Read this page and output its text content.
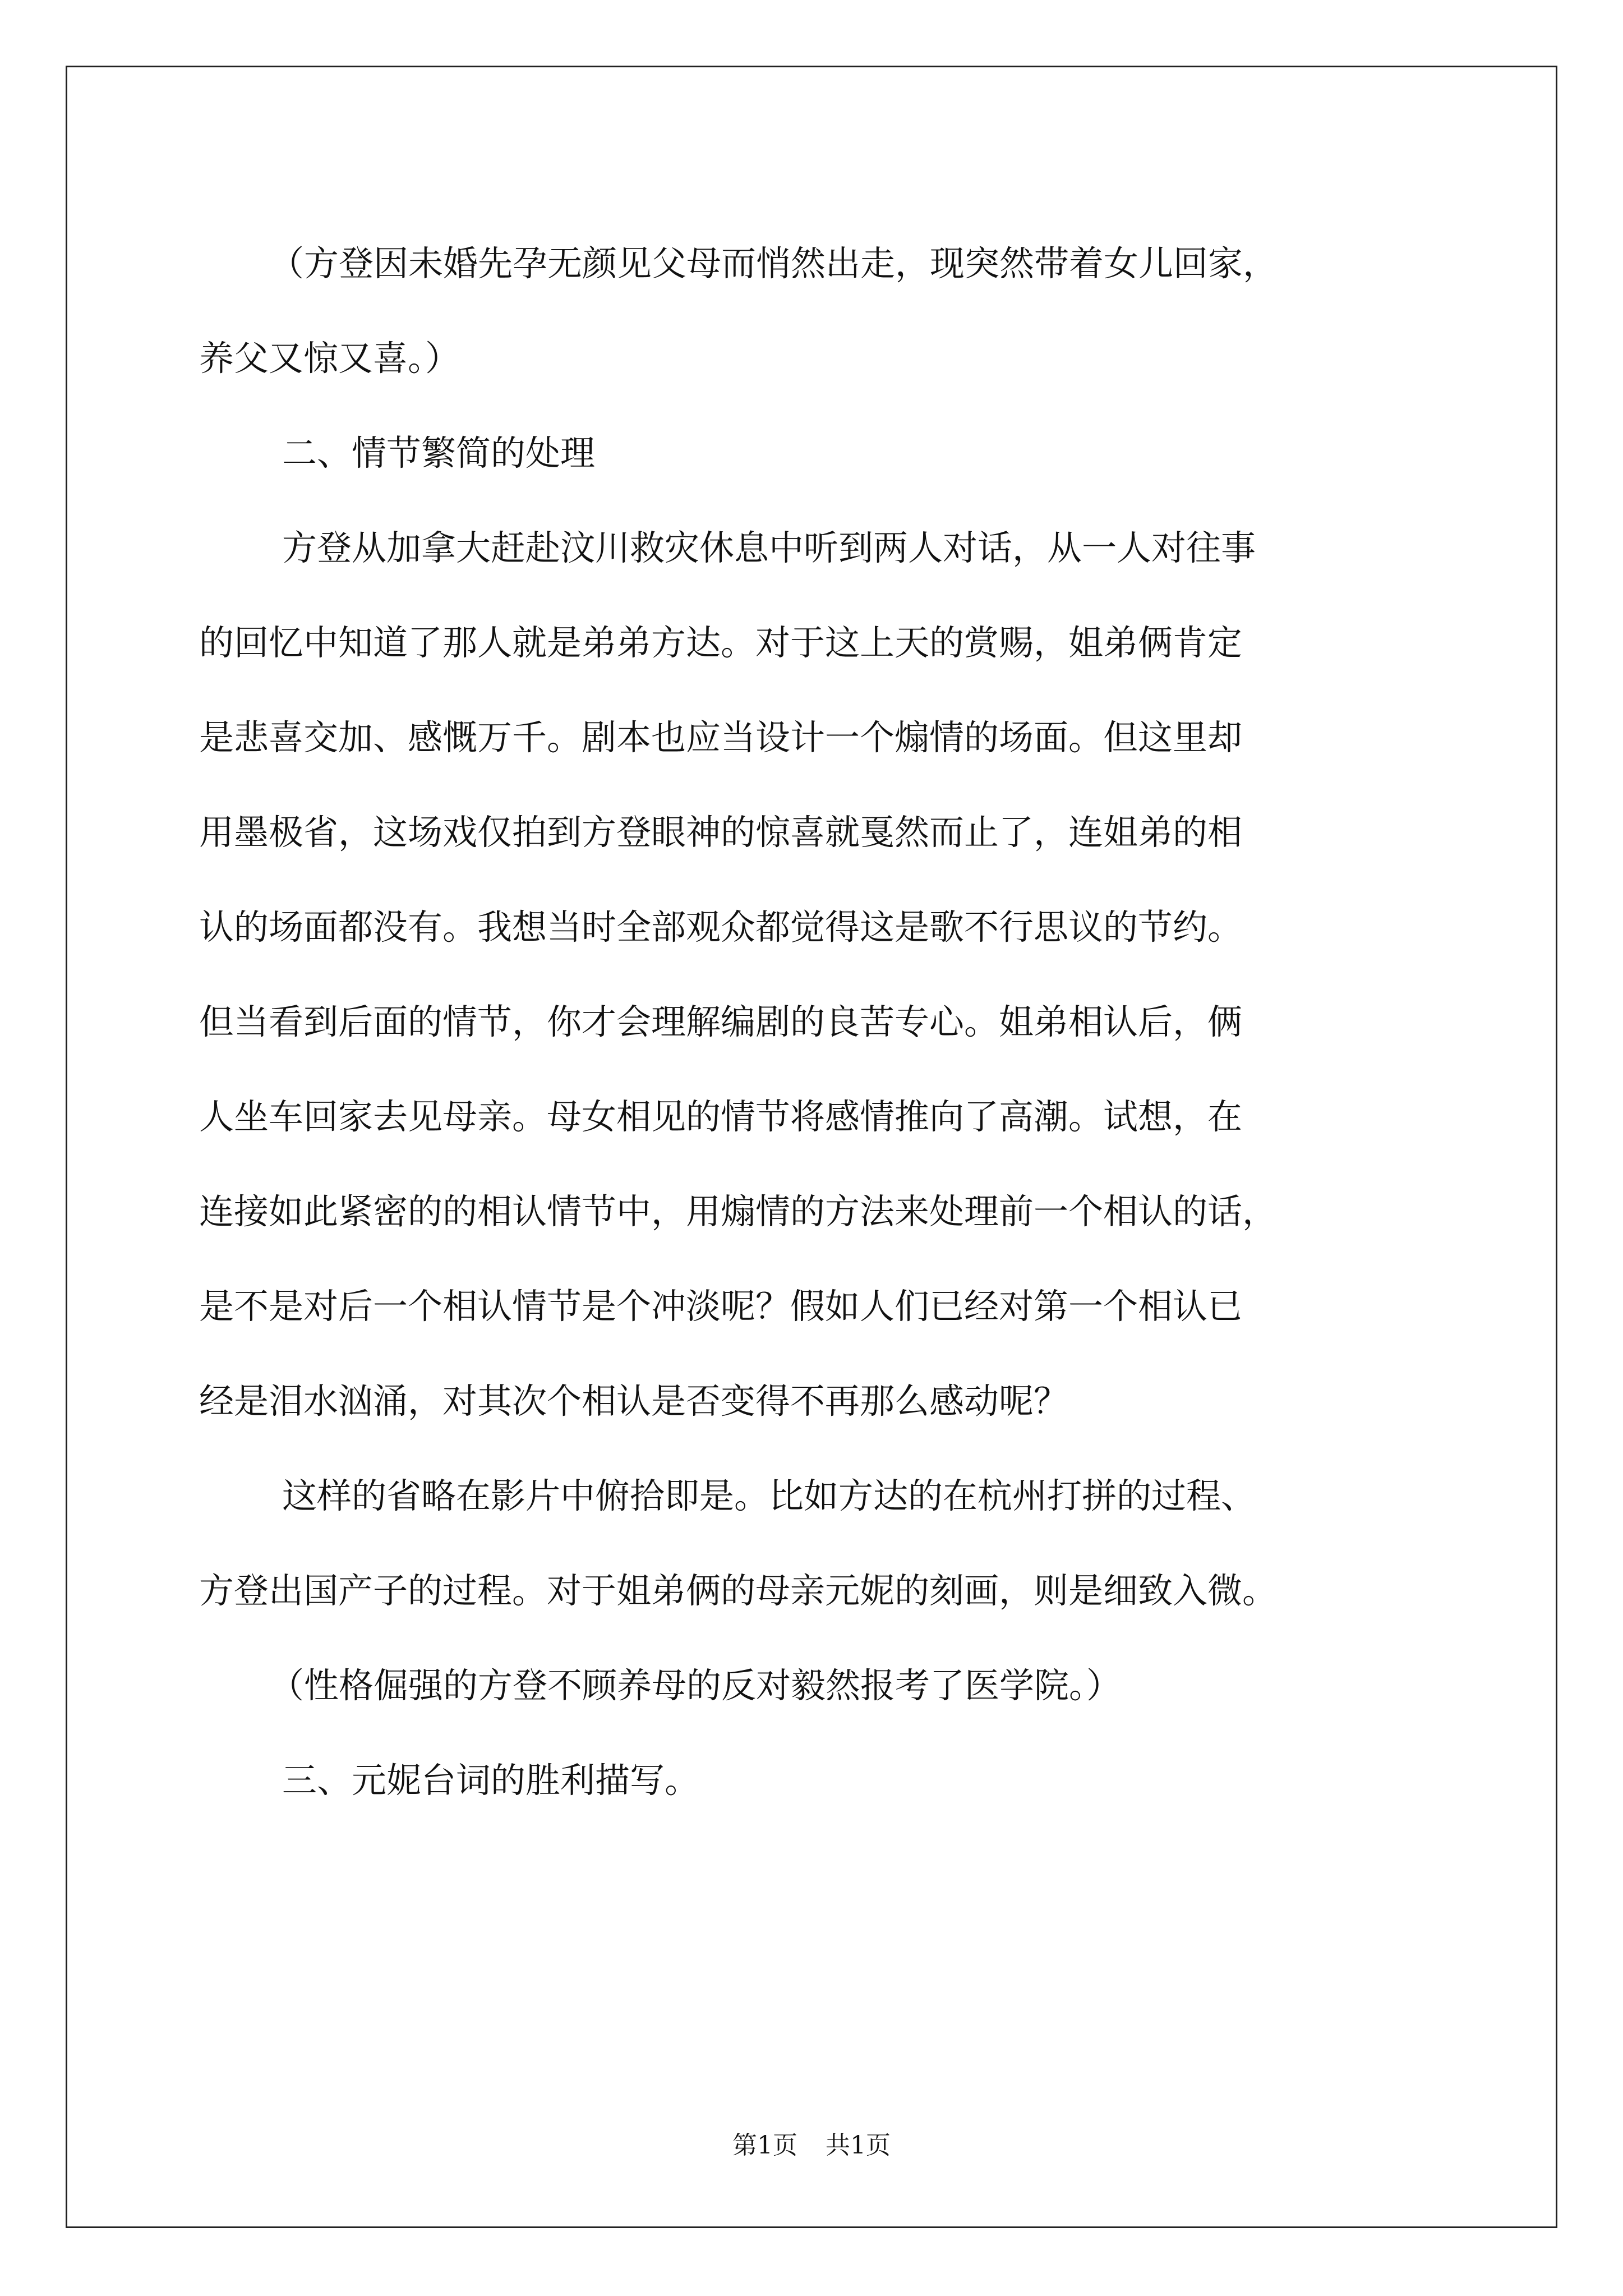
（方登因未婚先孕无颜见父母而悄然出走，现突然带着女儿回家，

养父又惊又喜。）

二、情节繁简的处理

方登从加拿大赶赴汶川救灾休息中听到两人对话，从一人对往事

的回忆中知道了那人就是弟弟方达。对于这上天的赏赐，姐弟俩肯定

是悲喜交加、感慨万千。剧本也应当设计一个煽情的场面。但这里却

用墨极省，这场戏仅拍到方登眼神的惊喜就戛然而止了，连姐弟的相

认的场面都没有。我想当时全部观众都觉得这是歌不行思议的节约。

但当看到后面的情节，你才会理解编剧的良苦专心。姐弟相认后，俩

人坐车回家去见母亲。母女相见的情节将感情推向了高潮。试想，在

连接如此紧密的的相认情节中，用煽情的方法来处理前一个相认的话，

是不是对后一个相认情节是个冲淡呢？假如人们已经对第一个相认已

经是泪水汹涌，对其次个相认是否变得不再那么感动呢？

这样的省略在影片中俯拾即是。比如方达的在杭州打拼的过程、

方登出国产子的过程。对于姐弟俩的母亲元妮的刻画，则是细致入微。

（性格倔强的方登不顾养母的反对毅然报考了医学院。）

三、元妮台词的胜利描写。

第1页 共1页
